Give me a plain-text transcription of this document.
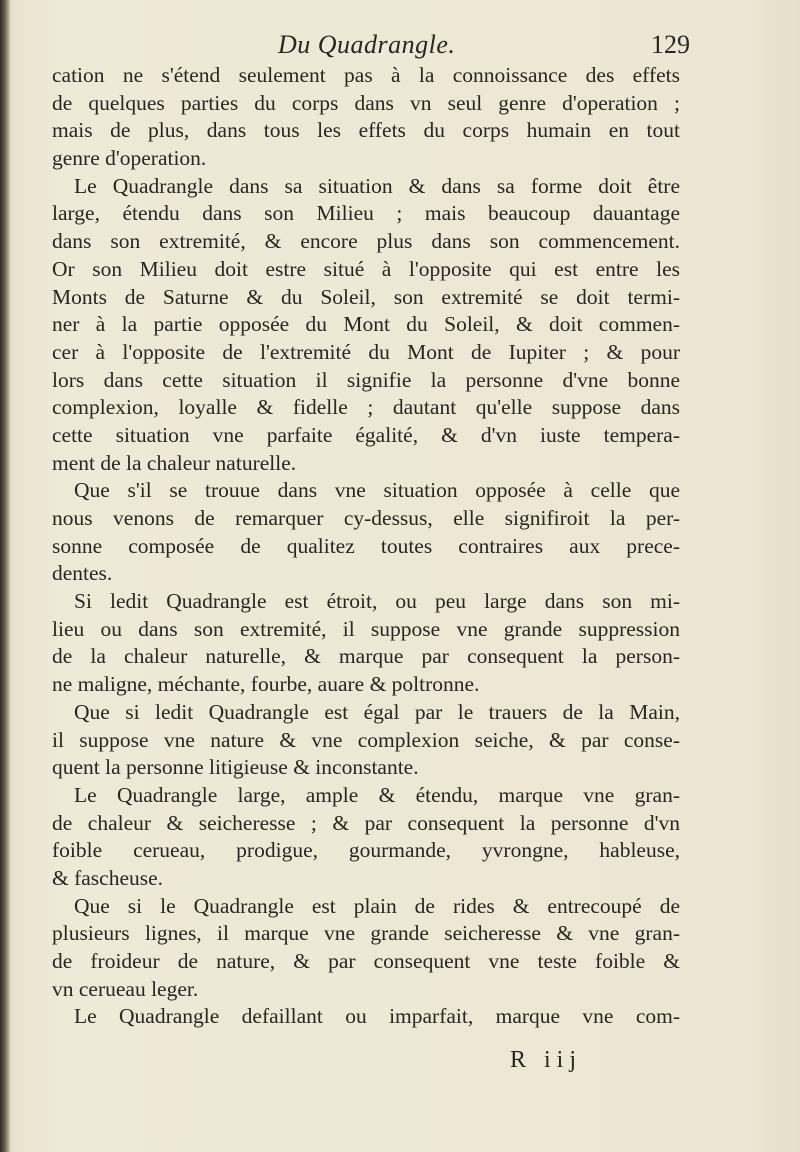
Du Quadrangle.	129
cation ne s'étend seulement pas à la connoissance des effets
de quelques parties du corps dans vn seul genre d'operation ;
mais de plus, dans tous les effets du corps humain en tout
genre d'operation.
Le Quadrangle dans sa situation & dans sa forme doit être
large, étendu dans son Milieu ; mais beaucoup dauantage
dans son extremité, & encore plus dans son commencement.
Or son Milieu doit estre situé à l'opposite qui est entre les
Monts de Saturne & du Soleil, son extremité se doit termi-
ner à la partie opposée du Mont du Soleil, & doit commen-
cer à l'opposite de l'extremité du Mont de Iupiter ; & pour
lors dans cette situation il signifie la personne d'vne bonne
complexion, loyalle & fidelle ; dautant qu'elle suppose dans
cette situation vne parfaite égalité, & d'vn iuste tempera-
ment de la chaleur naturelle.
Que s'il se trouue dans vne situation opposée à celle que
nous venons de remarquer cy-dessus, elle signifiroit la per-
sonne composée de qualitez toutes contraires aux prece-
dentes.
Si ledit Quadrangle est étroit, ou peu large dans son mi-
lieu ou dans son extremité, il suppose vne grande suppression
de la chaleur naturelle, & marque par consequent la person-
ne maligne, méchante, fourbe, auare & poltronne.
Que si ledit Quadrangle est égal par le trauers de la Main,
il suppose vne nature & vne complexion seiche, & par conse-
quent la personne litigieuse & inconstante.
Le Quadrangle large, ample & étendu, marque vne gran-
de chaleur & seicheresse ; & par consequent la personne d'vn
foible cerueau, prodigue, gourmande, yvrongne, hableuse,
& fascheuse.
Que si le Quadrangle est plain de rides & entrecoupé de
plusieurs lignes, il marque vne grande seicheresse & vne gran-
de froideur de nature, & par consequent vne teste foible &
vn cerueau leger.
Le Quadrangle defaillant ou imparfait, marque vne com-
R iij
